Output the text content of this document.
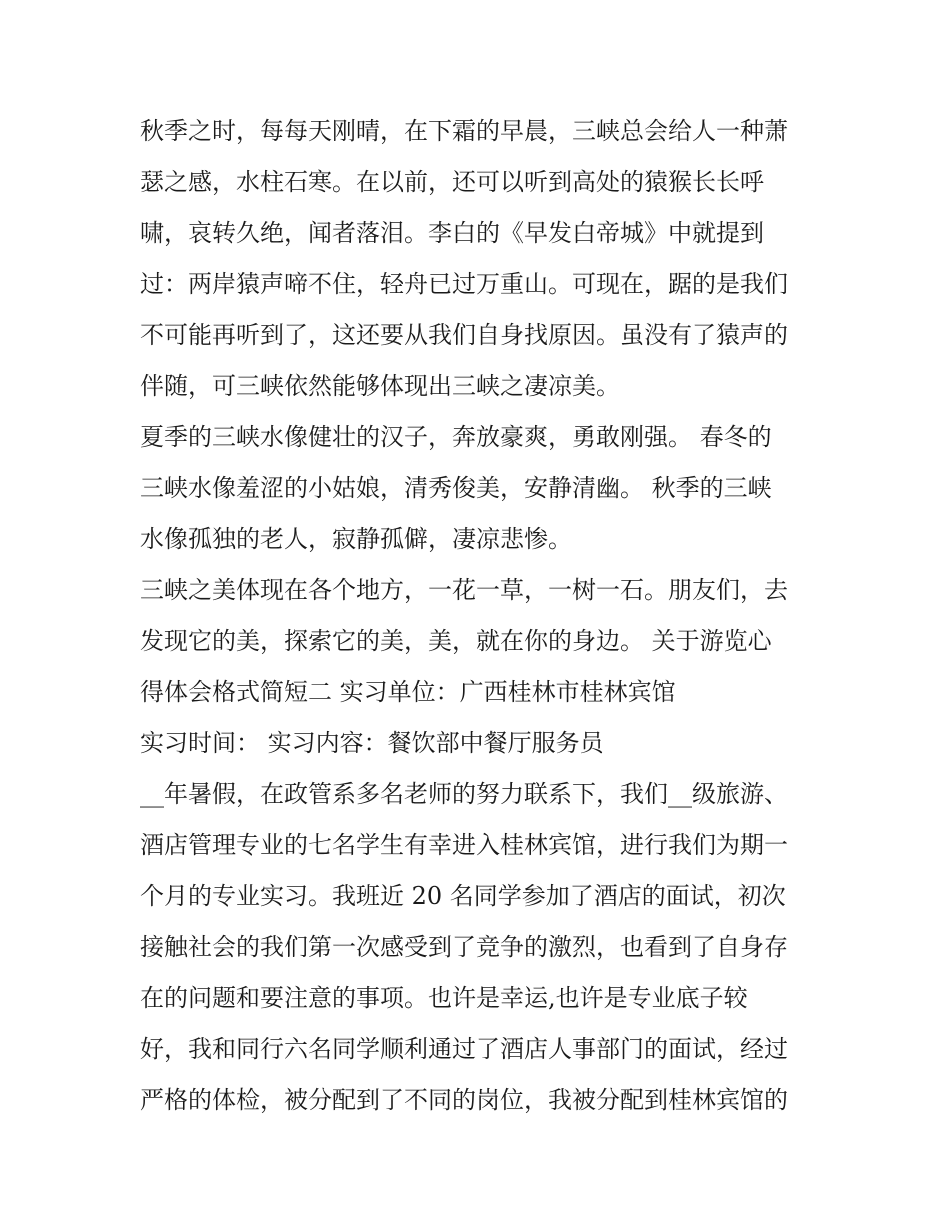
秋季之时，每每天刚晴，在下霜的早晨，三峡总会给人一种萧
瑟之感，水柱石寒。在以前，还可以听到高处的猿猴长长呼
啸，哀转久绝，闻者落泪。李白的《早发白帝城》中就提到
过：两岸猿声啼不住，轻舟已过万重山。可现在，踞的是我们
不可能再听到了，这还要从我们自身找原因。虽没有了猿声的
伴随，可三峡依然能够体现出三峡之凄凉美。
夏季的三峡水像健壮的汉子，奔放豪爽，勇敢刚强。 春冬的
三峡水像羞涩的小姑娘，清秀俊美，安静清幽。 秋季的三峡
水像孤独的老人，寂静孤僻，凄凉悲惨。
三峡之美体现在各个地方，一花一草，一树一石。朋友们，去
发现它的美，探索它的美，美，就在你的身边。 关于游览心
得体会格式简短二 实习单位：广西桂林市桂林宾馆
实习时间： 实习内容：餐饮部中餐厅服务员
__年暑假，在政管系多名老师的努力联系下，我们__级旅游、
酒店管理专业的七名学生有幸进入桂林宾馆，进行我们为期一
个月的专业实习。我班近 20 名同学参加了酒店的面试，初次
接触社会的我们第一次感受到了竞争的激烈，也看到了自身存
在的问题和要注意的事项。也许是幸运,也许是专业底子较
好，我和同行六名同学顺利通过了酒店人事部门的面试，经过
严格的体检，被分配到了不同的岗位，我被分配到桂林宾馆的
